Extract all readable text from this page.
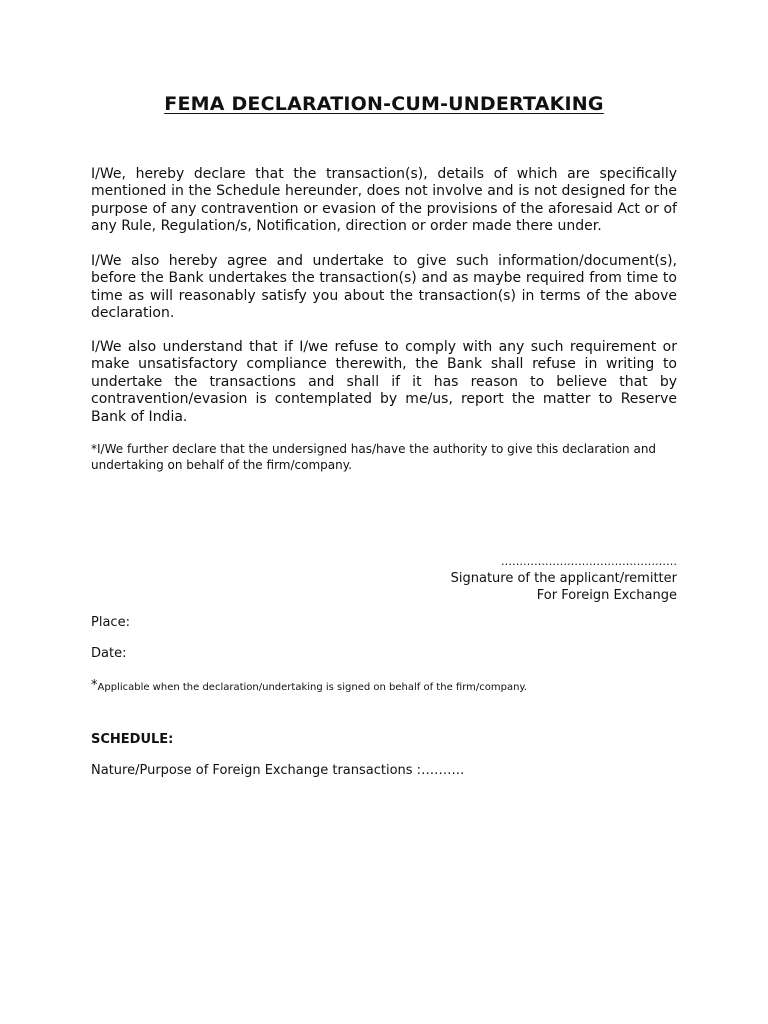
FEMA DECLARATION-CUM-UNDERTAKING

I/We, hereby declare that the transaction(s), details of which are specifically mentioned in the Schedule hereunder, does not involve and is not designed for the purpose of any contravention or evasion of the provisions of the aforesaid Act or of any Rule, Regulation/s, Notification, direction or order made there under.

I/We also hereby agree and undertake to give such information/document(s), before the Bank undertakes the transaction(s) and as maybe required from time to time as will reasonably satisfy you about the transaction(s) in terms of the above declaration.

I/We also understand that if I/we refuse to comply with any such requirement or make unsatisfactory compliance therewith, the Bank shall refuse in writing to undertake the transactions and shall if it has reason to believe that by contravention/evasion is contemplated by me/us, report the matter to Reserve Bank of India.

*I/We further declare that the undersigned has/have the authority to give this declaration and undertaking on behalf of the firm/company.

…………………………………………
Signature of the applicant/remitter
For Foreign Exchange
Place:
Date:
*Applicable when the declaration/undertaking is signed on behalf of the firm/company.
SCHEDULE:
Nature/Purpose of Foreign Exchange transactions :……….
